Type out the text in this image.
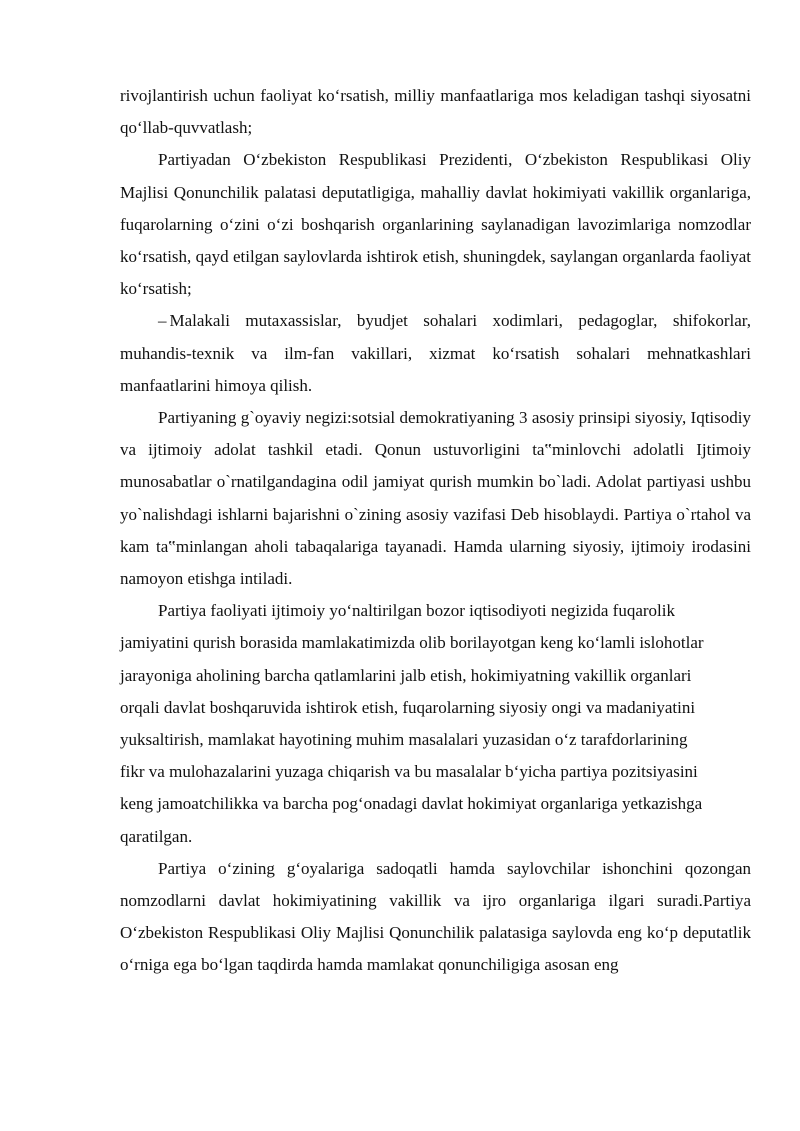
rivojlantirish uchun faoliyat ko‘rsatish, milliy manfaatlariga mos keladigan tashqi siyosatni qo‘llab-quvvatlash;

Partiyadan O‘zbekiston Respublikasi Prezidenti, O‘zbekiston Respublikasi Oliy Majlisi Qonunchilik palatasi deputatligiga, mahalliy davlat hokimiyati vakillik organlariga, fuqarolarning o‘zini o‘zi boshqarish organlarining saylanadigan lavozimlariga nomzodlar ko‘rsatish, qayd etilgan saylovlarda ishtirok etish, shuningdek, saylangan organlarda faoliyat ko‘rsatish;

– Malakali mutaxassislar, byudjet sohalari xodimlari, pedagoglar, shifokorlar, muhandis-texnik va ilm-fan vakillari, xizmat ko‘rsatish sohalari mehnatkashlari manfaatlarini himoya qilish.

Partiyaning g`oyaviy negizi:sotsial demokratiyaning 3 asosiy prinsipi siyosiy, Iqtisodiy va ijtimoiy adolat tashkil etadi. Qonun ustuvorligini ta‟minlovchi adolatli Ijtimoiy munosabatlar o`rnatilgandagina odil jamiyat qurish mumkin bo`ladi. Adolat partiyasi ushbu yo`nalishdagi ishlarni bajarishni o`zining asosiy vazifasi Deb hisoblaydi. Partiya o`rtahol va kam ta‟minlangan aholi tabaqalariga tayanadi. Hamda ularning siyosiy, ijtimoiy irodasini namoyon etishga intiladi.

Partiya faoliyati ijtimoiy yo‘naltirilgan bozor iqtisodiyoti negizida fuqarolik jamiyatini qurish borasida mamlakatimizda olib borilayotgan keng ko‘lamli islohotlar jarayoniga aholining barcha qatlamlarini jalb etish, hokimiyatning vakillik organlari orqali davlat boshqaruvida ishtirok etish, fuqarolarning siyosiy ongi va madaniyatini yuksaltirish, mamlakat hayotining muhim masalalari yuzasidan o‘z tarafdorlarining fikr va mulohazalarini yuzaga chiqarish va bu masalalar b‘yicha partiya pozitsiyasini keng jamoatchilikka va barcha pog‘onadagi davlat hokimiyat organlariga yetkazishga qaratilgan.

Partiya o‘zining g‘oyalariga sadoqatli hamda saylovchilar ishonchini qozongan nomzodlarni davlat hokimiyatining vakillik va ijro organlariga ilgari suradi.Partiya O‘zbekiston Respublikasi Oliy Majlisi Qonunchilik palatasiga saylovda eng ko‘p deputatlik o‘rniga ega bo‘lgan taqdirda hamda mamlakat qonunchiligiga asosan eng
